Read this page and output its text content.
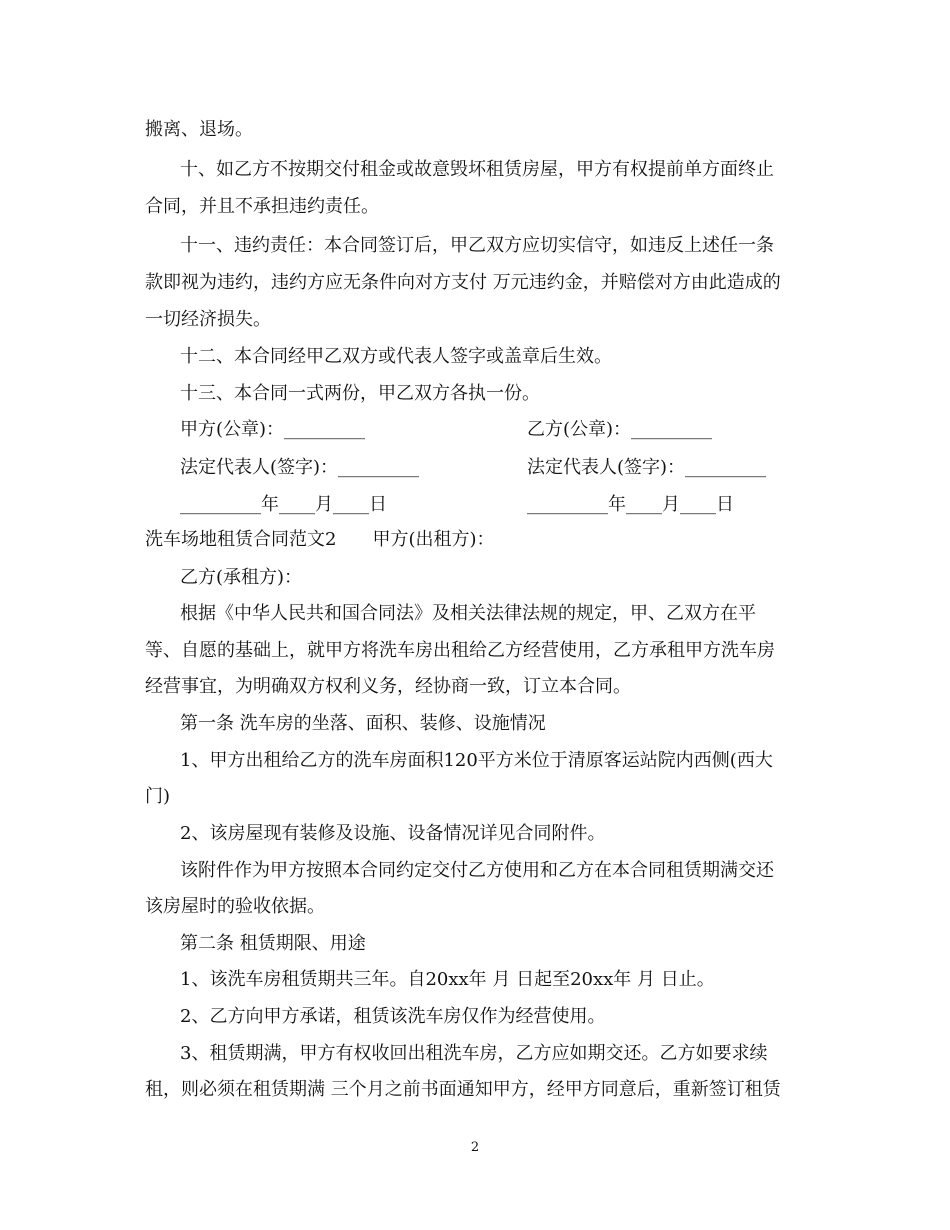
搬离、退场。
十、如乙方不按期交付租金或故意毁坏租赁房屋，甲方有权提前单方面终止
合同，并且不承担违约责任。
十一、违约责任：本合同签订后，甲乙双方应切实信守，如违反上述任一条
款即视为违约，违约方应无条件向对方支付 万元违约金，并赔偿对方由此造成的
一切经济损失。
十二、本合同经甲乙双方或代表人签字或盖章后生效。
十三、本合同一式两份，甲乙双方各执一份。
甲方(公章)：_________	乙方(公章)：_________
法定代表人(签字)：_________	法定代表人(签字)：_________
_________年____月____日	_________年____月____日
洗车场地租赁合同范文2　　甲方(出租方)：
乙方(承租方)：
根据《中华人民共和国合同法》及相关法律法规的规定，甲、乙双方在平
等、自愿的基础上，就甲方将洗车房出租给乙方经营使用，乙方承租甲方洗车房
经营事宜，为明确双方权利义务，经协商一致，订立本合同。
第一条 洗车房的坐落、面积、装修、设施情况
1、甲方出租给乙方的洗车房面积120平方米位于清原客运站院内西侧(西大
门)
2、该房屋现有装修及设施、设备情况详见合同附件。
该附件作为甲方按照本合同约定交付乙方使用和乙方在本合同租赁期满交还
该房屋时的验收依据。
第二条 租赁期限、用途
1、该洗车房租赁期共三年。自20xx年 月 日起至20xx年 月 日止。
2、乙方向甲方承诺，租赁该洗车房仅作为经营使用。
3、租赁期满，甲方有权收回出租洗车房，乙方应如期交还。乙方如要求续
租，则必须在租赁期满 三个月之前书面通知甲方，经甲方同意后，重新签订租赁
2
